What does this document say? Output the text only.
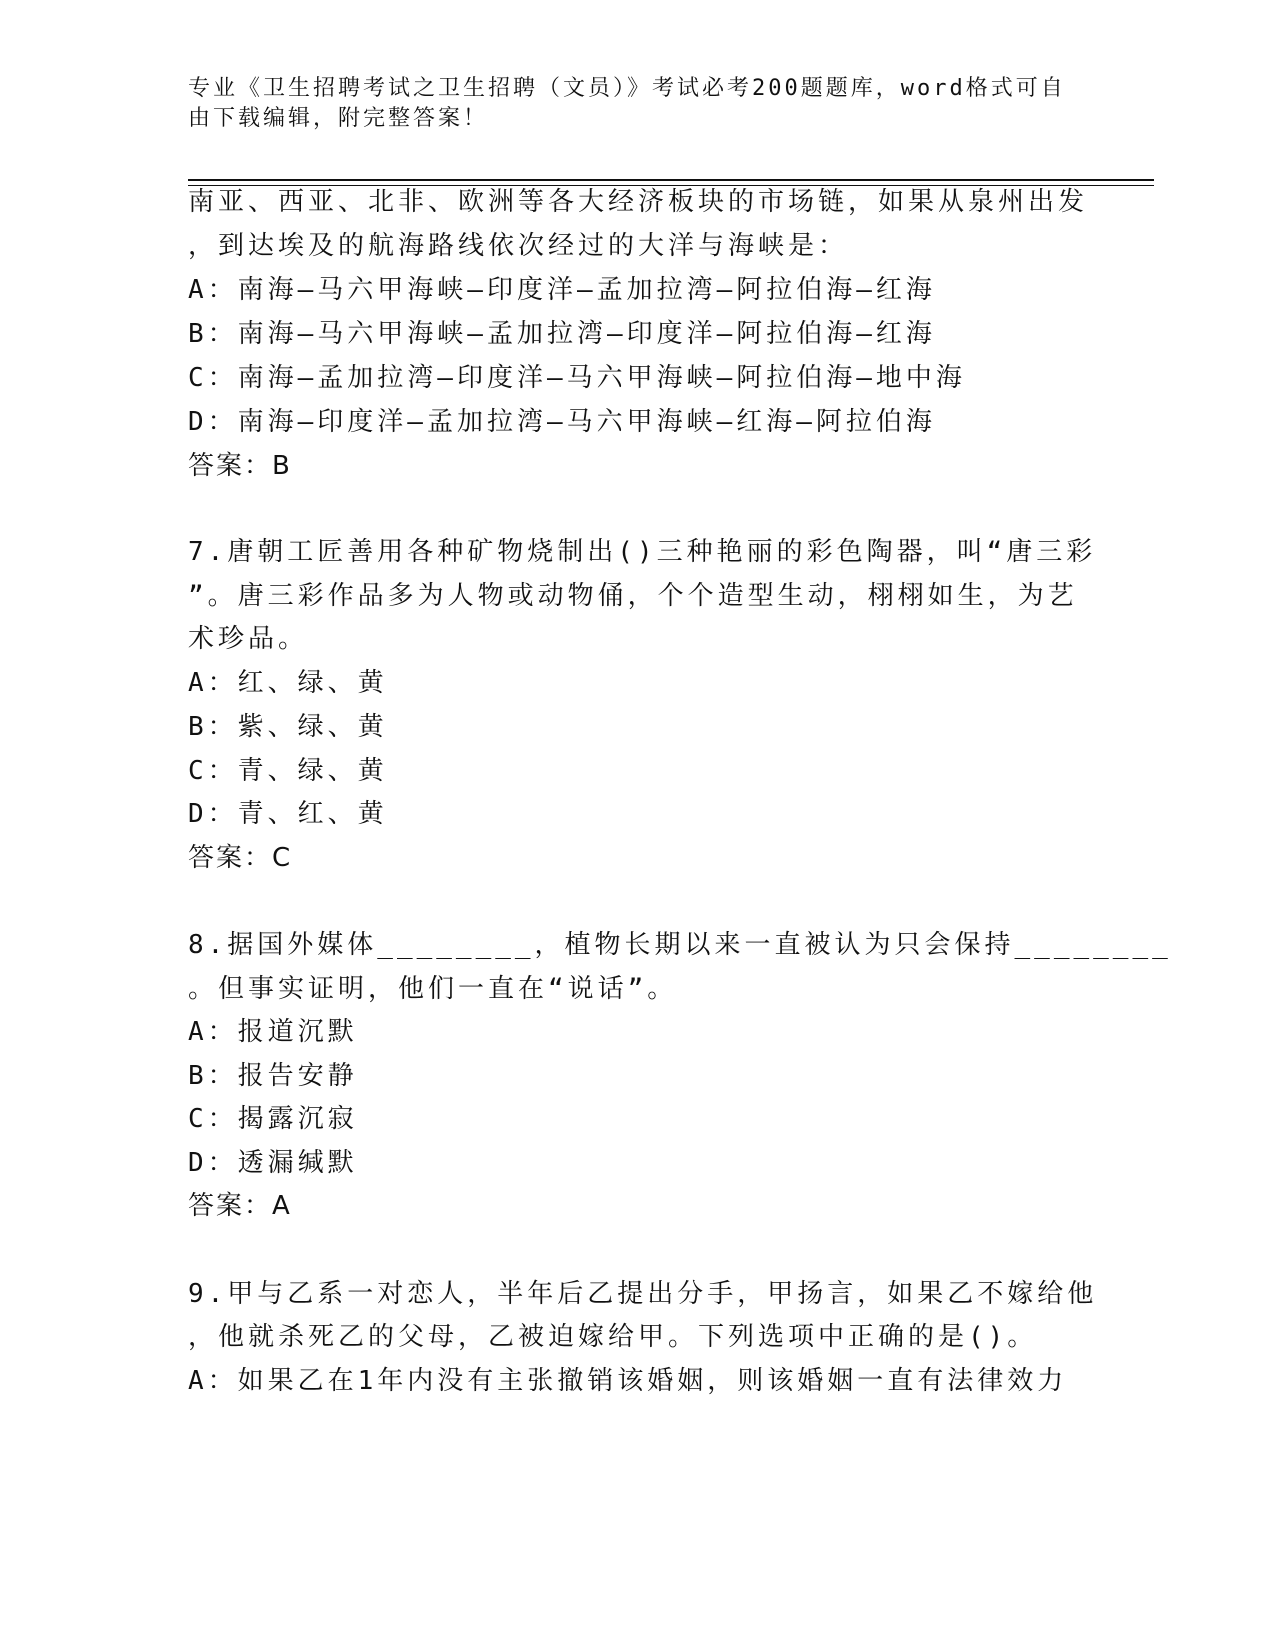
专业《卫生招聘考试之卫生招聘（文员）》考试必考200题题库，word格式可自
由下载编辑，附完整答案！
南亚、西亚、北非、欧洲等各大经济板块的市场链，如果从泉州出发
，到达埃及的航海路线依次经过的大洋与海峡是：
A：南海—马六甲海峡—印度洋—孟加拉湾—阿拉伯海—红海
B：南海—马六甲海峡—孟加拉湾—印度洋—阿拉伯海—红海
C：南海—孟加拉湾—印度洋—马六甲海峡—阿拉伯海—地中海
D：南海—印度洋—孟加拉湾—马六甲海峡—红海—阿拉伯海
答案：B
7.唐朝工匠善用各种矿物烧制出()三种艳丽的彩色陶器，叫“唐三彩
”。唐三彩作品多为人物或动物俑，个个造型生动，栩栩如生，为艺
术珍品。
A：红、绿、黄
B：紫、绿、黄
C：青、绿、黄
D：青、红、黄
答案：C
8.据国外媒体________，植物长期以来一直被认为只会保持________
。但事实证明，他们一直在“说话”。
A：报道沉默
B：报告安静
C：揭露沉寂
D：透漏缄默
答案：A
9.甲与乙系一对恋人，半年后乙提出分手，甲扬言，如果乙不嫁给他
，他就杀死乙的父母，乙被迫嫁给甲。下列选项中正确的是()。
A：如果乙在1年内没有主张撤销该婚姻，则该婚姻一直有法律效力
